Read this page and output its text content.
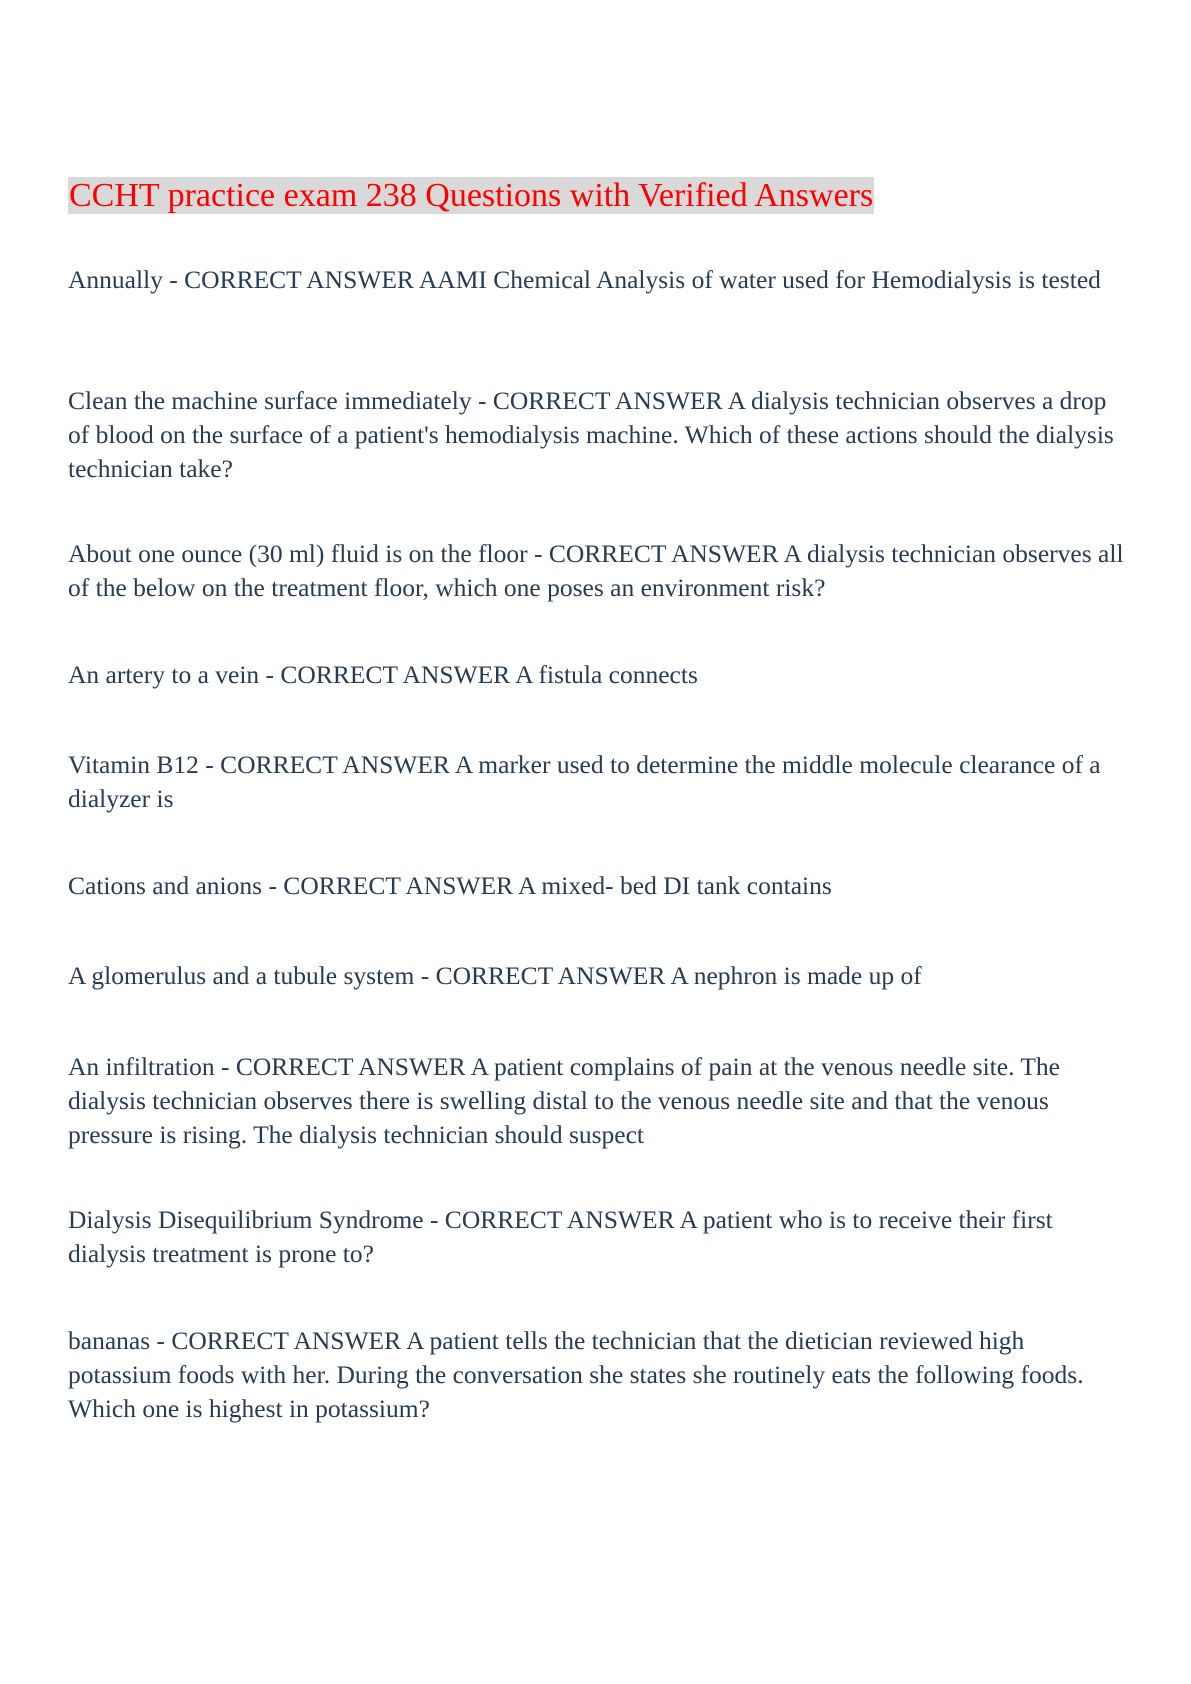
CCHT practice exam 238 Questions with Verified Answers

Annually - CORRECT ANSWER AAMI Chemical Analysis of water used for Hemodialysis is tested

Clean the machine surface immediately - CORRECT ANSWER A dialysis technician observes a drop of blood on the surface of a patient's hemodialysis machine. Which of these actions should the dialysis technician take?

About one ounce (30 ml) fluid is on the floor - CORRECT ANSWER A dialysis technician observes all of the below on the treatment floor, which one poses an environment risk?

An artery to a vein - CORRECT ANSWER A fistula connects

Vitamin B12 - CORRECT ANSWER A marker used to determine the middle molecule clearance of a dialyzer is

Cations and anions - CORRECT ANSWER A mixed- bed DI tank contains

A glomerulus and a tubule system - CORRECT ANSWER A nephron is made up of

An infiltration - CORRECT ANSWER A patient complains of pain at the venous needle site. The dialysis technician observes there is swelling distal to the venous needle site and that the venous pressure is rising. The dialysis technician should suspect

Dialysis Disequilibrium Syndrome - CORRECT ANSWER A patient who is to receive their first dialysis treatment is prone to?

bananas - CORRECT ANSWER A patient tells the technician that the dietician reviewed high potassium foods with her. During the conversation she states she routinely eats the following foods. Which one is highest in potassium?
